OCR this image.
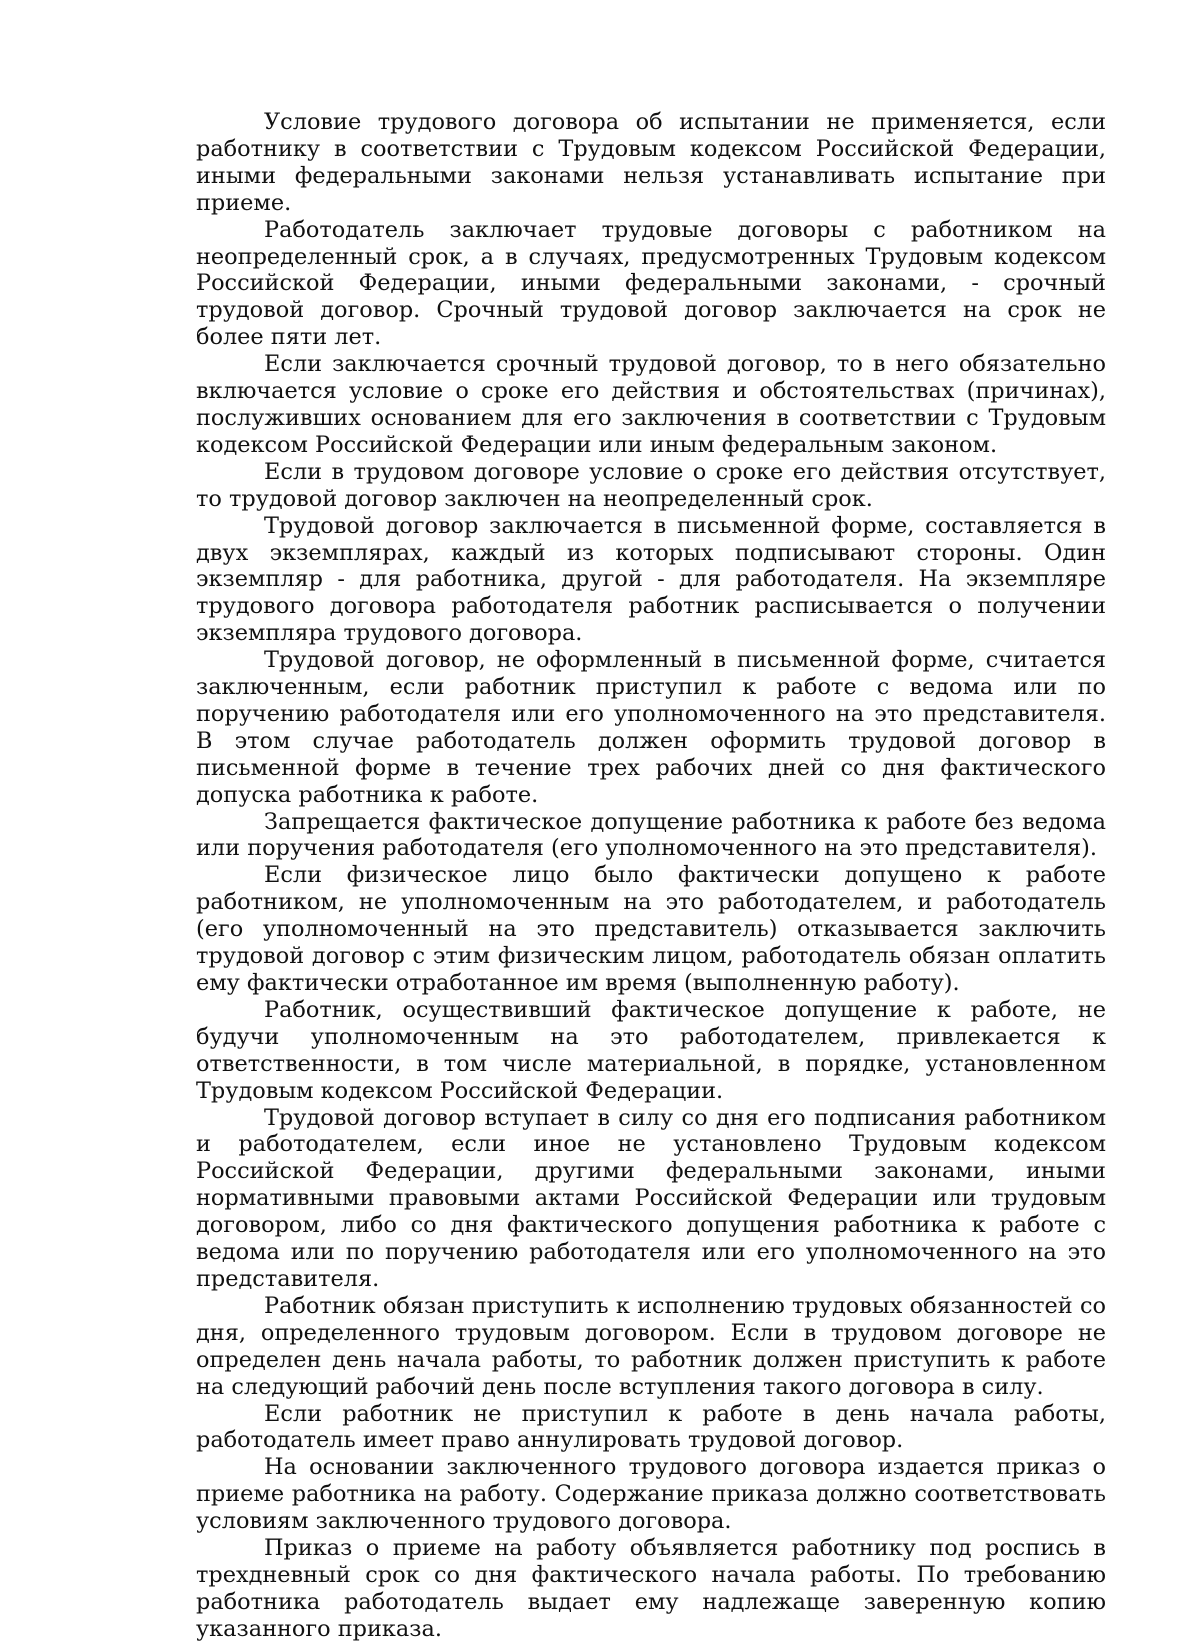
Условие трудового договора об испытании не применяется, если работнику в соответствии с Трудовым кодексом Российской Федерации, иными федеральными законами нельзя устанавливать испытание при приеме.

Работодатель заключает трудовые договоры с работником на неопределенный срок, а в случаях, предусмотренных Трудовым кодексом Российской Федерации, иными федеральными законами, - срочный трудовой договор. Срочный трудовой договор заключается на срок не более пяти лет.

Если заключается срочный трудовой договор, то в него обязательно включается условие о сроке его действия и обстоятельствах (причинах), послуживших основанием для его заключения в соответствии с Трудовым кодексом Российской Федерации или иным федеральным законом.

Если в трудовом договоре условие о сроке его действия отсутствует, то трудовой договор заключен на неопределенный срок.

Трудовой договор заключается в письменной форме, составляется в двух экземплярах, каждый из которых подписывают стороны. Один экземпляр - для работника, другой - для работодателя. На экземпляре трудового договора работодателя работник расписывается о получении экземпляра трудового договора.

Трудовой договор, не оформленный в письменной форме, считается заключенным, если работник приступил к работе с ведома или по поручению работодателя или его уполномоченного на это представителя. В этом случае работодатель должен оформить трудовой договор в письменной форме в течение трех рабочих дней со дня фактического допуска работника к работе.

Запрещается фактическое допущение работника к работе без ведома или поручения работодателя (его уполномоченного на это представителя).

Если физическое лицо было фактически допущено к работе работником, не уполномоченным на это работодателем, и работодатель (его уполномоченный на это представитель) отказывается заключить трудовой договор с этим физическим лицом, работодатель обязан оплатить ему фактически отработанное им время (выполненную работу).

Работник, осуществивший фактическое допущение к работе, не будучи уполномоченным на это работодателем, привлекается к ответственности, в том числе материальной, в порядке, установленном Трудовым кодексом Российской Федерации.

Трудовой договор вступает в силу со дня его подписания работником и работодателем, если иное не установлено Трудовым кодексом Российской Федерации, другими федеральными законами, иными нормативными правовыми актами Российской Федерации или трудовым договором, либо со дня фактического допущения работника к работе с ведома или по поручению работодателя или его уполномоченного на это представителя.

Работник обязан приступить к исполнению трудовых обязанностей со дня, определенного трудовым договором. Если в трудовом договоре не определен день начала работы, то работник должен приступить к работе на следующий рабочий день после вступления такого договора в силу.

Если работник не приступил к работе в день начала работы, работодатель имеет право аннулировать трудовой договор.

На основании заключенного трудового договора издается приказ о приеме работника на работу. Содержание приказа должно соответствовать условиям заключенного трудового договора.

Приказ о приеме на работу объявляется работнику под роспись в трехдневный срок со дня фактического начала работы. По требованию работника работодатель выдает ему надлежаще заверенную копию указанного приказа.
